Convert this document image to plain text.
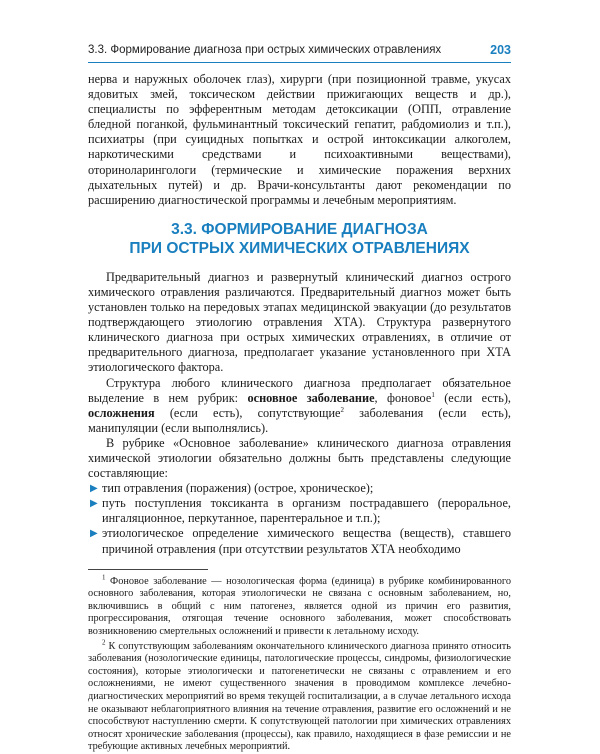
3.3. Формирование диагноза при острых химических отравлениях	203

нерва и наружных оболочек глаз), хирурги (при позиционной травме, укусах ядовитых змей, токсическом действии прижигающих веществ и др.), специалисты по эфферентным методам детоксикации (ОПП, отравление бледной поганкой, фульминантный токсический гепатит, рабдомиолиз и т.п.), психиатры (при суицидных попытках и острой интоксикации алкоголем, наркотическими средствами и психоактивными веществами), оториноларингологи (термические и химические поражения верхних дыхательных путей) и др. Врачи-консультанты дают рекомендации по расширению диагностической программы и лечебным мероприятиям.

3.3. ФОРМИРОВАНИЕ ДИАГНОЗА
ПРИ ОСТРЫХ ХИМИЧЕСКИХ ОТРАВЛЕНИЯХ

Предварительный диагноз и развернутый клинический диагноз острого химического отравления различаются. Предварительный диагноз может быть установлен только на передовых этапах медицинской эвакуации (до результатов подтверждающего этиологию отравления ХТА). Структура развернутого клинического диагноза при острых химических отравлениях, в отличие от предварительного диагноза, предполагает указание установленного при ХТА этиологического фактора.

Структура любого клинического диагноза предполагает обязательное выделение в нем рубрик: основное заболевание, фоновое$^1$ (если есть), осложнения (если есть), сопутствующие$^2$ заболевания (если есть), манипуляции (если выполнялись).

В рубрике «Основное заболевание» клинического диагноза отравления химической этиологии обязательно должны быть представлены следующие составляющие:

▶ тип отравления (поражения) (острое, хроническое);
▶ путь поступления токсиканта в организм пострадавшего (пероральное, ингаляционное, перкутанное, парентеральное и т.п.);
▶ этиологическое определение химического вещества (веществ), ставшего причиной отравления (при отсутствии результатов ХТА необходимо

$^1$ Фоновое заболевание — нозологическая форма (единица) в рубрике комбинированного основного заболевания, которая этиологически не связана с основным заболеванием, но, включившись в общий с ним патогенез, является одной из причин его развития, прогрессирования, отягощая течение основного заболевания, может способствовать возникновению смертельных осложнений и привести к летальному исходу.

$^2$ К сопутствующим заболеваниям окончательного клинического диагноза принято относить заболевания (нозологические единицы, патологические процессы, синдромы, физиологические состояния), которые этиологически и патогенетически не связаны с отравлением и его осложнениями, не имеют существенного значения в проводимом комплексе лечебно-диагностических мероприятий во время текущей госпитализации, а в случае летального исхода не оказывают неблагоприятного влияния на течение отравления, развитие его осложнений и не способствуют наступлению смерти. К сопутствующей патологии при химических отравлениях относят хронические заболевания (процессы), как правило, находящиеся в фазе ремиссии и не требующие активных лечебных мероприятий.
